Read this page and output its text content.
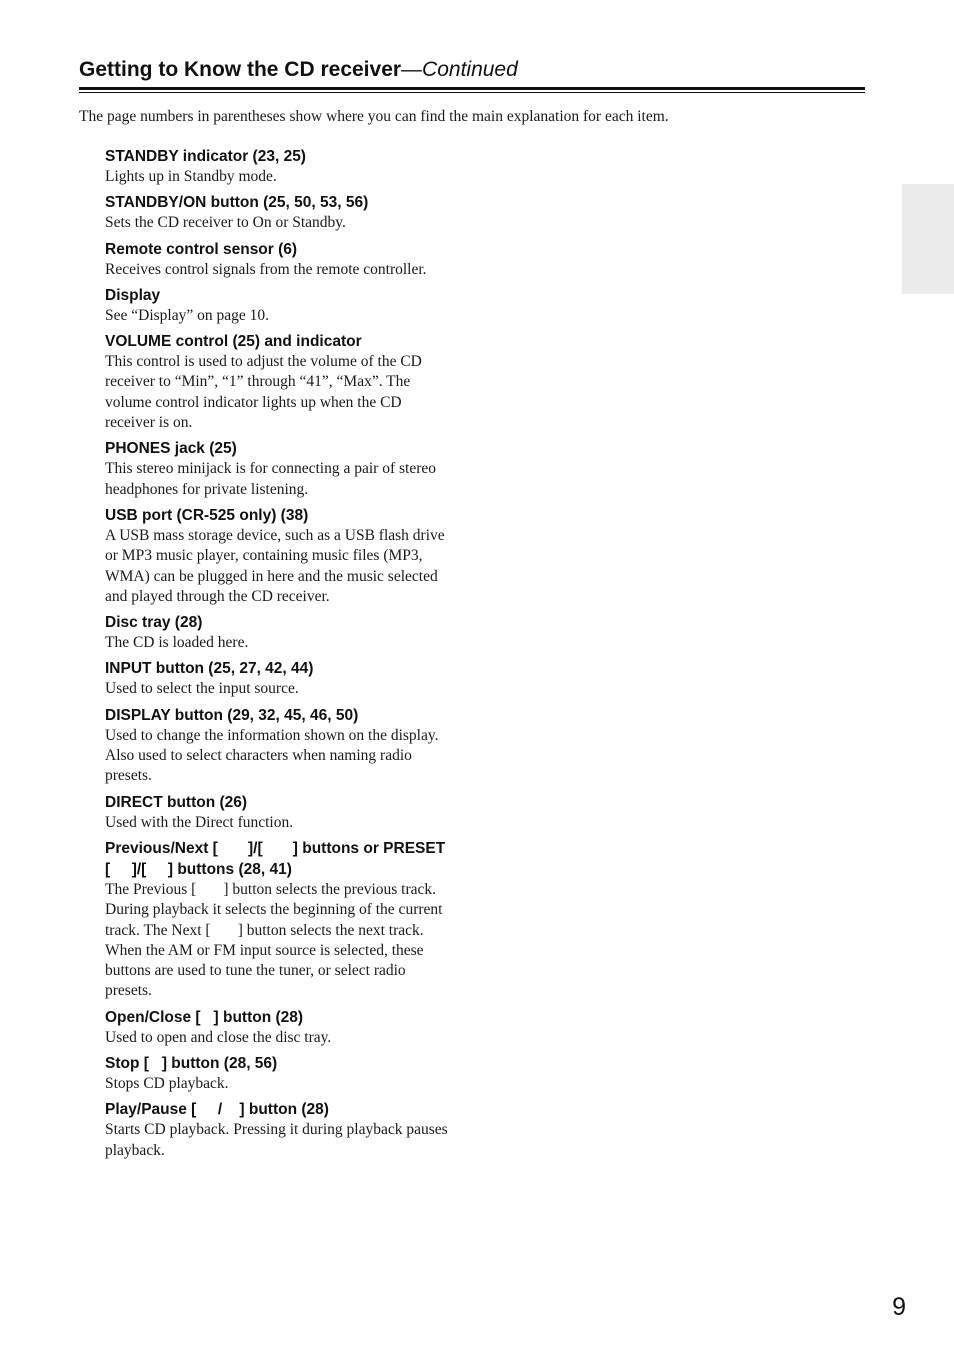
Getting to Know the CD receiver—Continued
The page numbers in parentheses show where you can find the main explanation for each item.
STANDBY indicator (23, 25)

Lights up in Standby mode.

STANDBY/ON button (25, 50, 53, 56)

Sets the CD receiver to On or Standby.

Remote control sensor (6)

Receives control signals from the remote controller.

Display

See “Display” on page 10.

VOLUME control (25) and indicator

This control is used to adjust the volume of the CD receiver to “Min”, “1” through “41”, “Max”. The volume control indicator lights up when the CD receiver is on.

PHONES jack (25)

This stereo minijack is for connecting a pair of stereo headphones for private listening.

USB port (CR-525 only) (38)

A USB mass storage device, such as a USB flash drive or MP3 music player, containing music files (MP3, WMA) can be plugged in here and the music selected and played through the CD receiver.

Disc tray (28)

The CD is loaded here.

INPUT button (25, 27, 42, 44)

Used to select the input source.

DISPLAY button (29, 32, 45, 46, 50)

Used to change the information shown on the display. Also used to select characters when naming radio presets.

DIRECT button (26)

Used with the Direct function.

Previous/Next [       ]/[       ] buttons or PRESET [     ]/[     ] buttons (28, 41)

The Previous [       ] button selects the previous track. During playback it selects the beginning of the current track. The Next [       ] button selects the next track.

When the AM or FM input source is selected, these buttons are used to tune the tuner, or select radio presets.

Open/Close [   ] button (28)

Used to open and close the disc tray.

Stop [   ] button (28, 56)

Stops CD playback.

Play/Pause [     /    ] button (28)

Starts CD playback. Pressing it during playback pauses playback.

9
